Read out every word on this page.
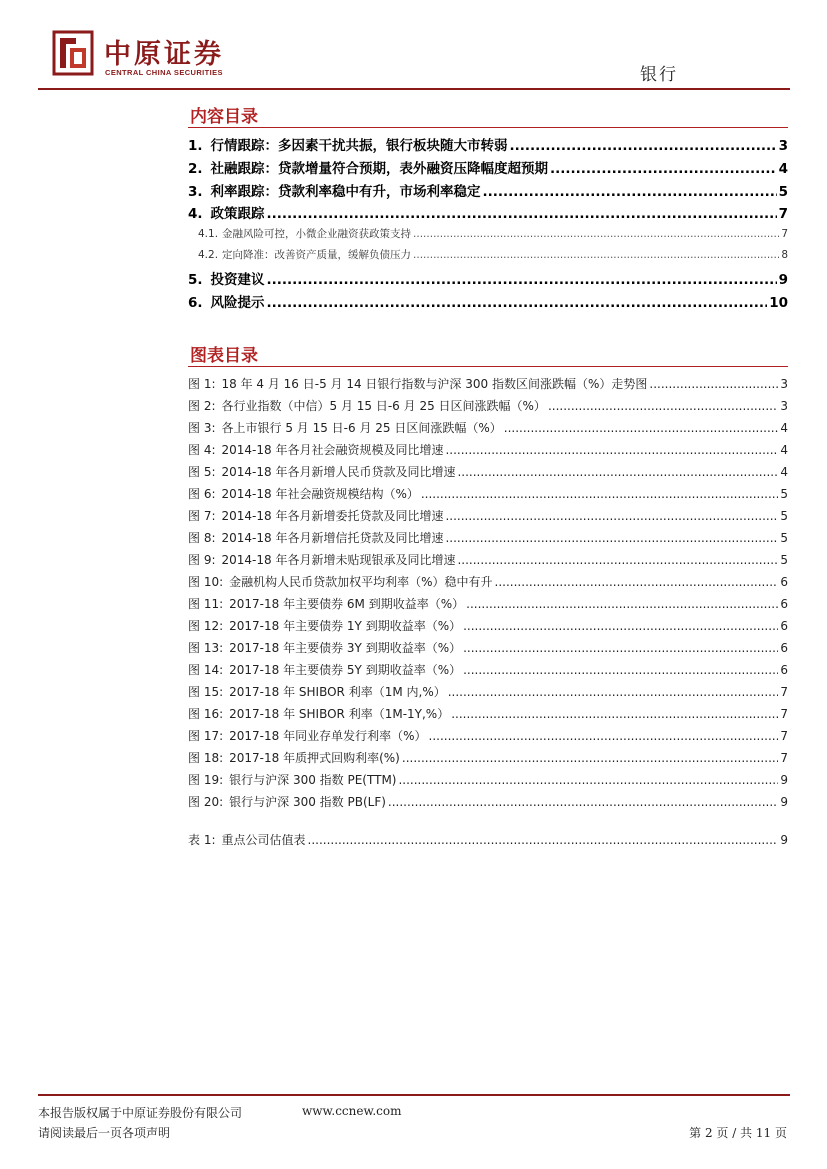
中原证券
CENTRAL CHINA SECURITIES	银行
内容目录
1. 行情跟踪：多因素干扰共振，银行板块随大市转弱 .....	3
2. 社融跟踪：贷款增量符合预期，表外融资压降幅度超预期 .....	4
3. 利率跟踪：贷款利率稳中有升，市场利率稳定 .....	5
4. 政策跟踪 .....	7
4.1. 金融风险可控，小微企业融资获政策支持 .....	7
4.2. 定向降准：改善资产质量，缓解负债压力 .....	8
5. 投资建议 .....	9
6. 风险提示 .....	10
图表目录
图 1: 18 年 4 月 16 日-5 月 14 日银行指数与沪深 300 指数区间涨跌幅（%）走势图 .....	3
图 2: 各行业指数（中信）5 月 15 日-6 月 25 日区间涨跌幅（%） .....	3
图 3: 各上市银行 5 月 15 日-6 月 25 日区间涨跌幅（%） .....	4
图 4: 2014-18 年各月社会融资规模及同比增速 .....	4
图 5: 2014-18 年各月新增人民币贷款及同比增速 .....	4
图 6: 2014-18 年社会融资规模结构（%） .....	5
图 7: 2014-18 年各月新增委托贷款及同比增速 .....	5
图 8: 2014-18 年各月新增信托贷款及同比增速 .....	5
图 9: 2014-18 年各月新增未贴现银承及同比增速 .....	5
图 10: 金融机构人民币贷款加权平均利率（%）稳中有升 .....	6
图 11: 2017-18 年主要债券 6M 到期收益率（%） .....	6
图 12: 2017-18 年主要债券 1Y 到期收益率（%） .....	6
图 13: 2017-18 年主要债券 3Y 到期收益率（%） .....	6
图 14: 2017-18 年主要债券 5Y 到期收益率（%） .....	6
图 15: 2017-18 年 SHIBOR 利率（1M 内,%） .....	7
图 16: 2017-18 年 SHIBOR 利率（1M-1Y,%） .....	7
图 17: 2017-18 年同业存单发行利率（%） .....	7
图 18: 2017-18 年质押式回购利率(%) .....	7
图 19: 银行与沪深 300 指数 PE(TTM) .....	9
图 20: 银行与沪深 300 指数 PB(LF) .....	9
表 1: 重点公司估值表 .....	9
本报告版权属于中原证券股份有限公司	www.ccnew.com
请阅读最后一页各项声明	第 2 页 / 共 11 页
